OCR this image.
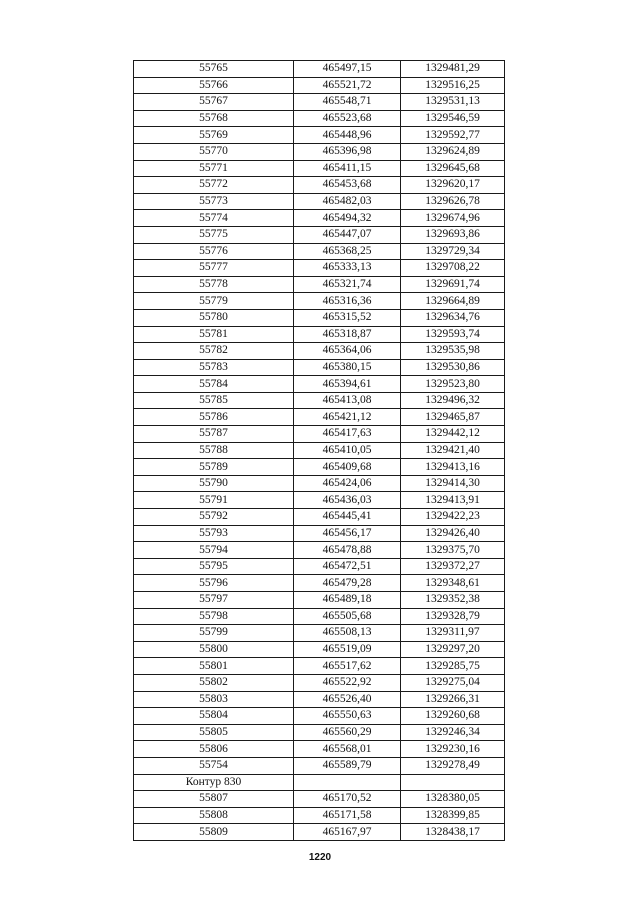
55765	465497,15	1329481,29
55766	465521,72	1329516,25
55767	465548,71	1329531,13
55768	465523,68	1329546,59
55769	465448,96	1329592,77
55770	465396,98	1329624,89
55771	465411,15	1329645,68
55772	465453,68	1329620,17
55773	465482,03	1329626,78
55774	465494,32	1329674,96
55775	465447,07	1329693,86
55776	465368,25	1329729,34
55777	465333,13	1329708,22
55778	465321,74	1329691,74
55779	465316,36	1329664,89
55780	465315,52	1329634,76
55781	465318,87	1329593,74
55782	465364,06	1329535,98
55783	465380,15	1329530,86
55784	465394,61	1329523,80
55785	465413,08	1329496,32
55786	465421,12	1329465,87
55787	465417,63	1329442,12
55788	465410,05	1329421,40
55789	465409,68	1329413,16
55790	465424,06	1329414,30
55791	465436,03	1329413,91
55792	465445,41	1329422,23
55793	465456,17	1329426,40
55794	465478,88	1329375,70
55795	465472,51	1329372,27
55796	465479,28	1329348,61
55797	465489,18	1329352,38
55798	465505,68	1329328,79
55799	465508,13	1329311,97
55800	465519,09	1329297,20
55801	465517,62	1329285,75
55802	465522,92	1329275,04
55803	465526,40	1329266,31
55804	465550,63	1329260,68
55805	465560,29	1329246,34
55806	465568,01	1329230,16
55754	465589,79	1329278,49
Контур 830		
55807	465170,52	1328380,05
55808	465171,58	1328399,85
55809	465167,97	1328438,17
1220
